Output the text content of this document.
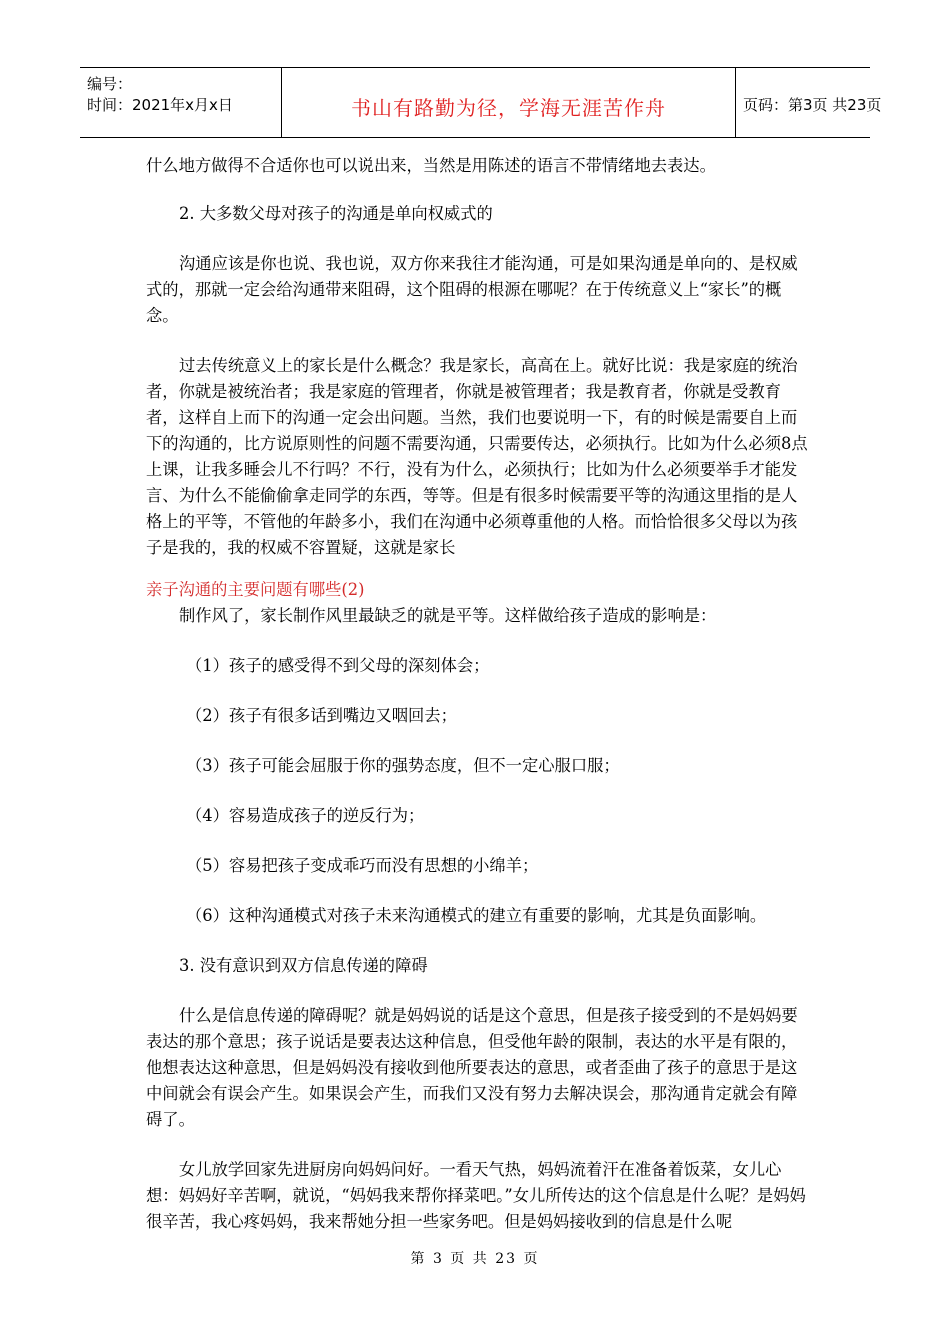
编号：
时间：2021年x月x日	书山有路勤为径，学海无涯苦作舟	页码：第3页 共23页

什么地方做得不合适你也可以说出来，当然是用陈述的语言不带情绪地去表达。

2. 大多数父母对孩子的沟通是单向权威式的

沟通应该是你也说、我也说，双方你来我往才能沟通，可是如果沟通是单向的、是权威式的，那就一定会给沟通带来阻碍，这个阻碍的根源在哪呢？在于传统意义上“家长”的概念。

过去传统意义上的家长是什么概念？我是家长，高高在上。就好比说：我是家庭的统治者，你就是被统治者；我是家庭的管理者，你就是被管理者；我是教育者，你就是受教育者，这样自上而下的沟通一定会出问题。当然，我们也要说明一下，有的时候是需要自上而下的沟通的，比方说原则性的问题不需要沟通，只需要传达，必须执行。比如为什么必须8点上课，让我多睡会儿不行吗？不行，没有为什么，必须执行；比如为什么必须要举手才能发言、为什么不能偷偷拿走同学的东西，等等。但是有很多时候需要平等的沟通这里指的是人格上的平等，不管他的年龄多小，我们在沟通中必须尊重他的人格。而恰恰很多父母以为孩子是我的，我的权威不容置疑，这就是家长

亲子沟通的主要问题有哪些(2)

制作风了，家长制作风里最缺乏的就是平等。这样做给孩子造成的影响是：

（1）孩子的感受得不到父母的深刻体会；

（2）孩子有很多话到嘴边又咽回去；

（3）孩子可能会屈服于你的强势态度，但不一定心服口服；

（4）容易造成孩子的逆反行为；

（5）容易把孩子变成乖巧而没有思想的小绵羊；

（6）这种沟通模式对孩子未来沟通模式的建立有重要的影响，尤其是负面影响。

3. 没有意识到双方信息传递的障碍

什么是信息传递的障碍呢？就是妈妈说的话是这个意思，但是孩子接受到的不是妈妈要表达的那个意思；孩子说话是要表达这种信息，但受他年龄的限制，表达的水平是有限的，他想表达这种意思，但是妈妈没有接收到他所要表达的意思，或者歪曲了孩子的意思于是这中间就会有误会产生。如果误会产生，而我们又没有努力去解决误会，那沟通肯定就会有障碍了。

女儿放学回家先进厨房向妈妈问好。一看天气热，妈妈流着汗在准备着饭菜，女儿心想：妈妈好辛苦啊，就说，“妈妈我来帮你择菜吧。”女儿所传达的这个信息是什么呢？是妈妈很辛苦，我心疼妈妈，我来帮她分担一些家务吧。但是妈妈接收到的信息是什么呢

第 3 页 共 23 页
